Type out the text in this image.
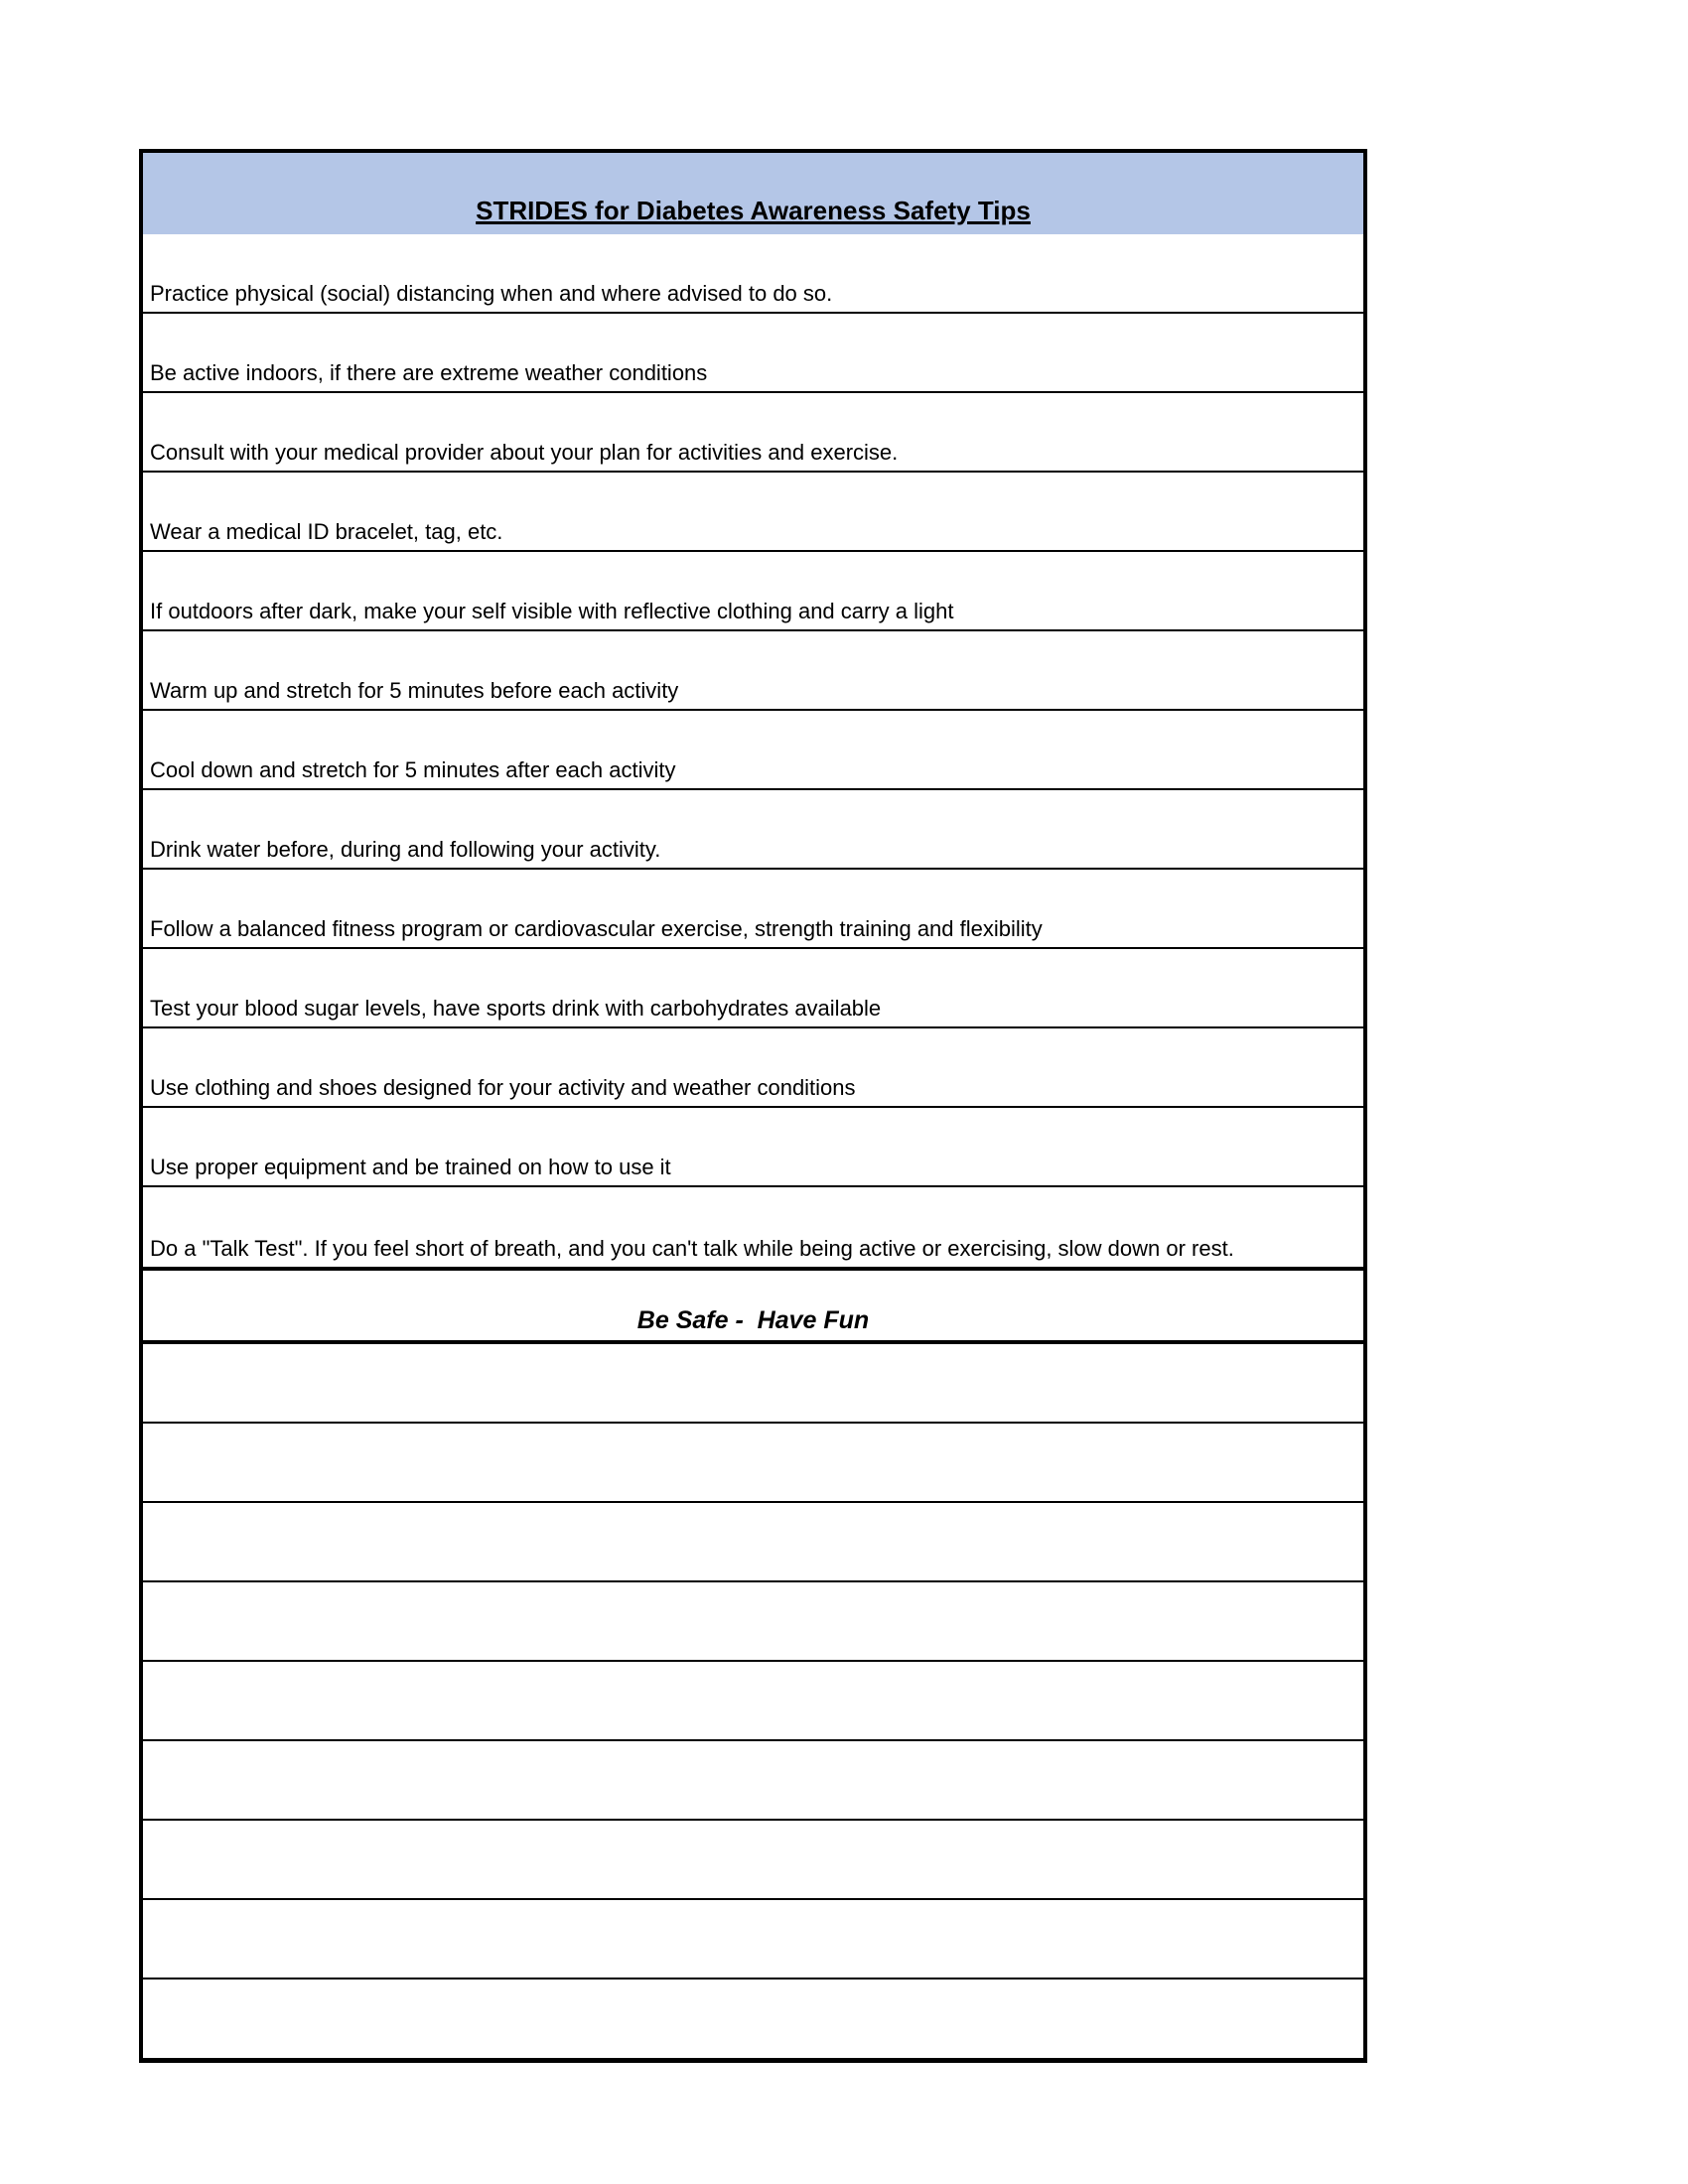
STRIDES for Diabetes Awareness Safety Tips
Practice physical (social) distancing when and where advised to do so.
Be active indoors, if there are extreme weather conditions
Consult with your medical provider about your plan for activities and exercise.
Wear a medical ID bracelet, tag, etc.
If outdoors after dark, make your self visible with reflective clothing and carry a light
Warm up and stretch for 5 minutes before each activity
Cool down and stretch for 5 minutes after each activity
Drink water before, during and following your activity.
Follow a balanced fitness program or cardiovascular exercise, strength training and flexibility
Test your blood sugar levels, have sports drink with carbohydrates available
Use clothing and shoes designed for your activity and weather conditions
Use proper equipment and be trained on how to use it
Do a "Talk Test". If you feel short of breath, and you can't talk while being active or exercising, slow down or rest.
Be Safe -  Have Fun
